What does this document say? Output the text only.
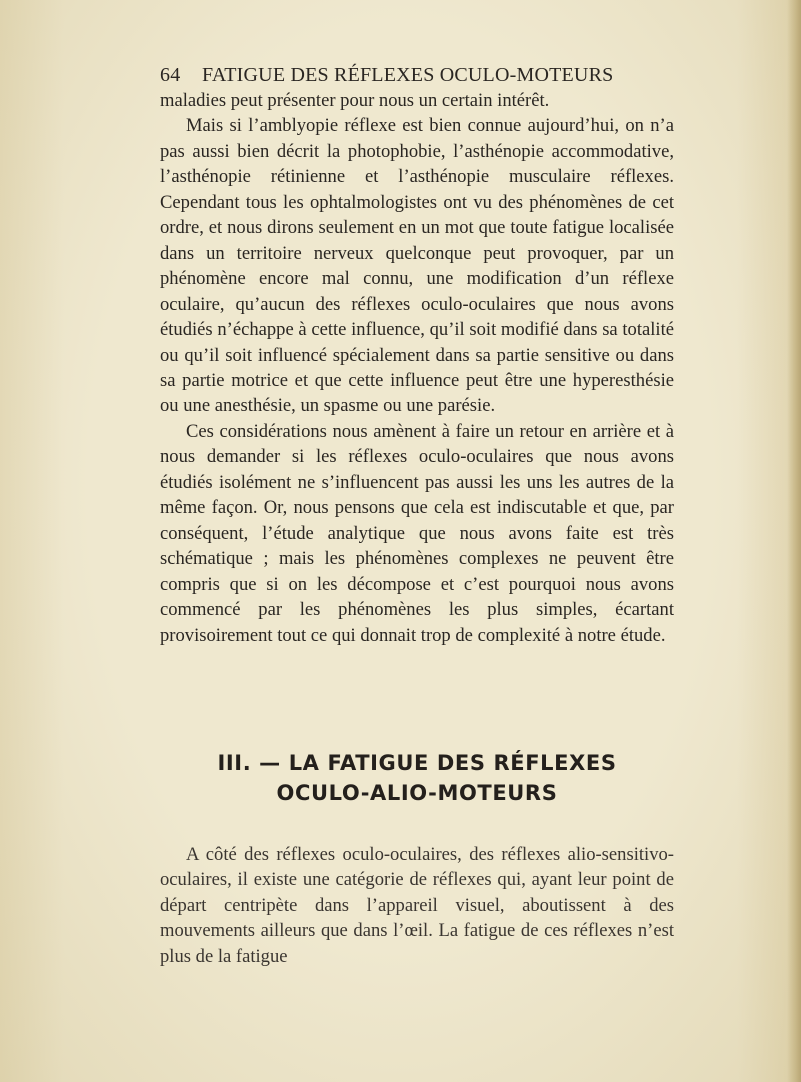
64 FATIGUE DES RÉFLEXES OCULO-MOTEURS

maladies peut présenter pour nous un certain intérêt.

Mais si l’amblyopie réflexe est bien connue aujourd’hui, on n’a pas aussi bien décrit la photophobie, l’asthénopie accommodative, l’asthénopie rétinienne et l’asthénopie musculaire réflexes. Cependant tous les ophtalmologistes ont vu des phénomènes de cet ordre, et nous dirons seulement en un mot que toute fatigue localisée dans un territoire nerveux quelconque peut provoquer, par un phénomène encore mal connu, une modification d’un réflexe oculaire, qu’aucun des réflexes oculo-oculaires que nous avons étudiés n’échappe à cette influence, qu’il soit modifié dans sa totalité ou qu’il soit influencé spécialement dans sa partie sensitive ou dans sa partie motrice et que cette influence peut être une hyperesthésie ou une anesthésie, un spasme ou une parésie.

Ces considérations nous amènent à faire un retour en arrière et à nous demander si les réflexes oculo-oculaires que nous avons étudiés isolément ne s’influencent pas aussi les uns les autres de la même façon. Or, nous pensons que cela est indiscutable et que, par conséquent, l’étude analytique que nous avons faite est très schématique ; mais les phénomènes complexes ne peuvent être compris que si on les décompose et c’est pourquoi nous avons commencé par les phénomènes les plus simples, écartant provisoirement tout ce qui donnait trop de complexité à notre étude.

III. — LA FATIGUE DES RÉFLEXES
OCULO-ALIO-MOTEURS

A côté des réflexes oculo-oculaires, des réflexes alio-sensitivo-oculaires, il existe une catégorie de réflexes qui, ayant leur point de départ centripète dans l’appareil visuel, aboutissent à des mouvements ailleurs que dans l’œil. La fatigue de ces réflexes n’est plus de la fatigue
